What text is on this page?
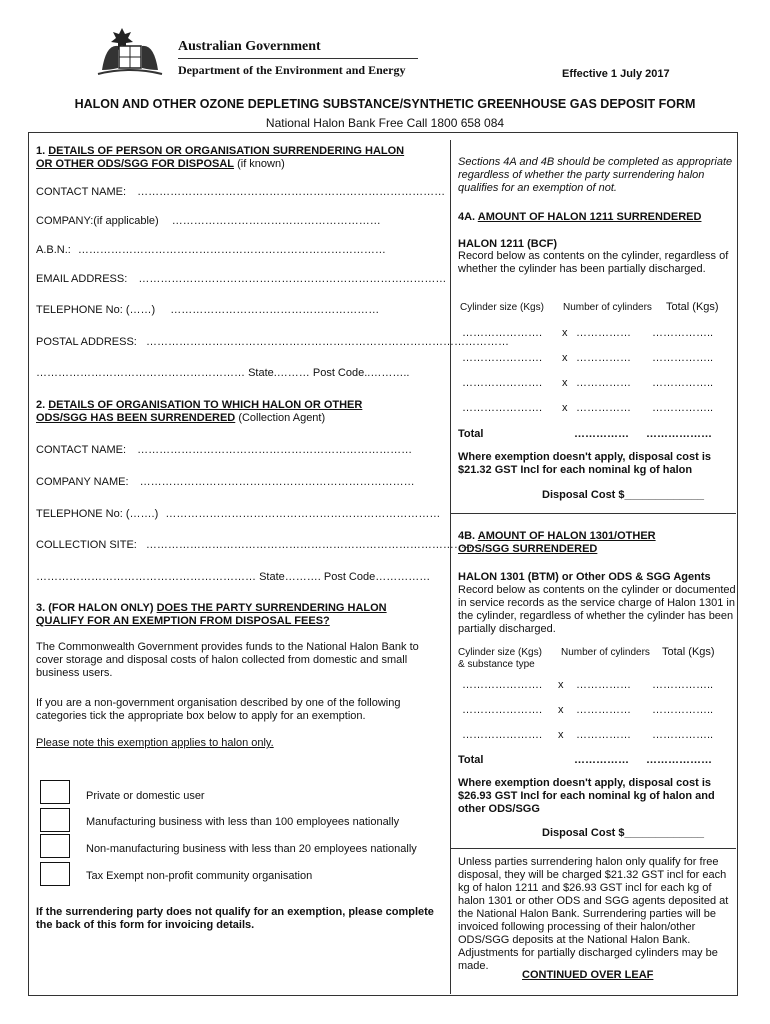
Australian Government
Department of the Environment and Energy	Effective 1 July 2017
HALON AND OTHER OZONE DEPLETING SUBSTANCE/SYNTHETIC GREENHOUSE GAS DEPOSIT FORM
National Halon Bank Free Call 1800 658 084
1. DETAILS OF PERSON OR ORGANISATION SURRENDERING HALON
OR OTHER ODS/SGG FOR DISPOSAL (if known)
CONTACT NAME: …………………………………………………………………………
COMPANY:(if applicable) …………………………………………………
A.B.N.: …………………………………………………………………………
EMAIL ADDRESS: …………………………………………………………………………
TELEPHONE No: (……) …………………………………………………
POSTAL ADDRESS: ………………………………………………………………………………………
………………………………………………… State.……… Post Code..………..
2. DETAILS OF ORGANISATION TO WHICH HALON OR OTHER
ODS/SGG HAS BEEN SURRENDERED (Collection Agent)
CONTACT NAME: …………………………………………………………………
COMPANY NAME: …………………………………………………………………
TELEPHONE No: (…….) …………………………………………………………………
COLLECTION SITE: ………………………………………………………………………………
…………………………………………………… State………. Post Code……………
3. (FOR HALON ONLY) DOES THE PARTY SURRENDERING HALON
QUALIFY FOR AN EXEMPTION FROM DISPOSAL FEES?
The Commonwealth Government provides funds to the National Halon Bank to cover storage and disposal costs of halon collected from domestic and small business users.
If you are a non-government organisation described by one of the following categories tick the appropriate box below to apply for an exemption.
Please note this exemption applies to halon only.
Private or domestic user
Manufacturing business with less than 100 employees nationally
Non-manufacturing business with less than 20 employees nationally
Tax Exempt non-profit community organisation
If the surrendering party does not qualify for an exemption, please complete the back of this form for invoicing details.
Sections 4A and 4B should be completed as appropriate regardless of whether the party surrendering halon qualifies for an exemption of not.
4A. AMOUNT OF HALON 1211 SURRENDERED
HALON 1211 (BCF)
Record below as contents on the cylinder, regardless of whether the cylinder has been partially discharged.
Cylinder size (Kgs) Number of cylinders Total (Kgs)
…………………. x …………… ……………..
…………………. x …………… ……………..
…………………. x …………… ……………..
…………………. x …………… ……………..
Total	…………… ………………
Where exemption doesn't apply, disposal cost is $21.32 GST Incl for each nominal kg of halon
Disposal Cost $_____________
4B. AMOUNT OF HALON 1301/OTHER
ODS/SGG SURRENDERED
HALON 1301 (BTM) or Other ODS & SGG Agents
Record below as contents on the cylinder or documented in service records as the service charge of Halon 1301 in the cylinder, regardless of whether the cylinder has been partially discharged.
Cylinder size (Kgs)
& substance type
Number of cylinders Total (Kgs)
…………………. x …………… ……………..
…………………. x …………… ……………..
…………………. x …………… ……………..
Total	…………… ………………
Where exemption doesn't apply, disposal cost is $26.93 GST Incl for each nominal kg of halon and other ODS/SGG
Disposal Cost $_____________
Unless parties surrendering halon only qualify for free disposal, they will be charged $21.32 GST incl for each kg of halon 1211 and $26.93 GST incl for each kg of halon 1301 or other ODS and SGG agents deposited at the National Halon Bank. Surrendering parties will be invoiced following processing of their halon/other ODS/SGG deposits at the National Halon Bank. Adjustments for partially discharged cylinders may be made.
CONTINUED OVER LEAF
